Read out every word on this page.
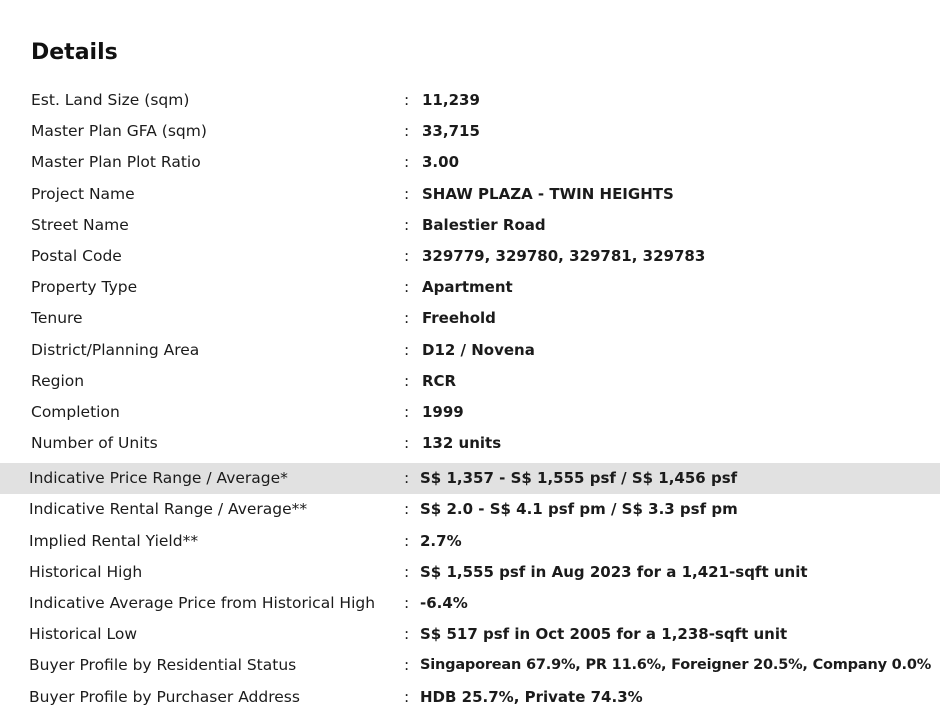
Details
Est. Land Size (sqm)	: 11,239
Master Plan GFA (sqm)	: 33,715
Master Plan Plot Ratio	: 3.00
Project Name	: SHAW PLAZA - TWIN HEIGHTS
Street Name	: Balestier Road
Postal Code	: 329779, 329780, 329781, 329783
Property Type	: Apartment
Tenure	: Freehold
District/Planning Area	: D12 / Novena
Region	: RCR
Completion	: 1999
Number of Units	: 132 units
Indicative Price Range / Average*	: S$ 1,357 - S$ 1,555 psf / S$ 1,456 psf
Indicative Rental Range / Average**	: S$ 2.0 - S$ 4.1 psf pm / S$ 3.3 psf pm
Implied Rental Yield**	: 2.7%
Historical High	: S$ 1,555 psf in Aug 2023 for a 1,421-sqft unit
Indicative Average Price from Historical High : -6.4%
Historical Low	: S$ 517 psf in Oct 2005 for a 1,238-sqft unit
Buyer Profile by Residential Status	: Singaporean 67.9%, PR 11.6%, Foreigner 20.5%, Company 0.0%
Buyer Profile by Purchaser Address	: HDB 25.7%, Private 74.3%
